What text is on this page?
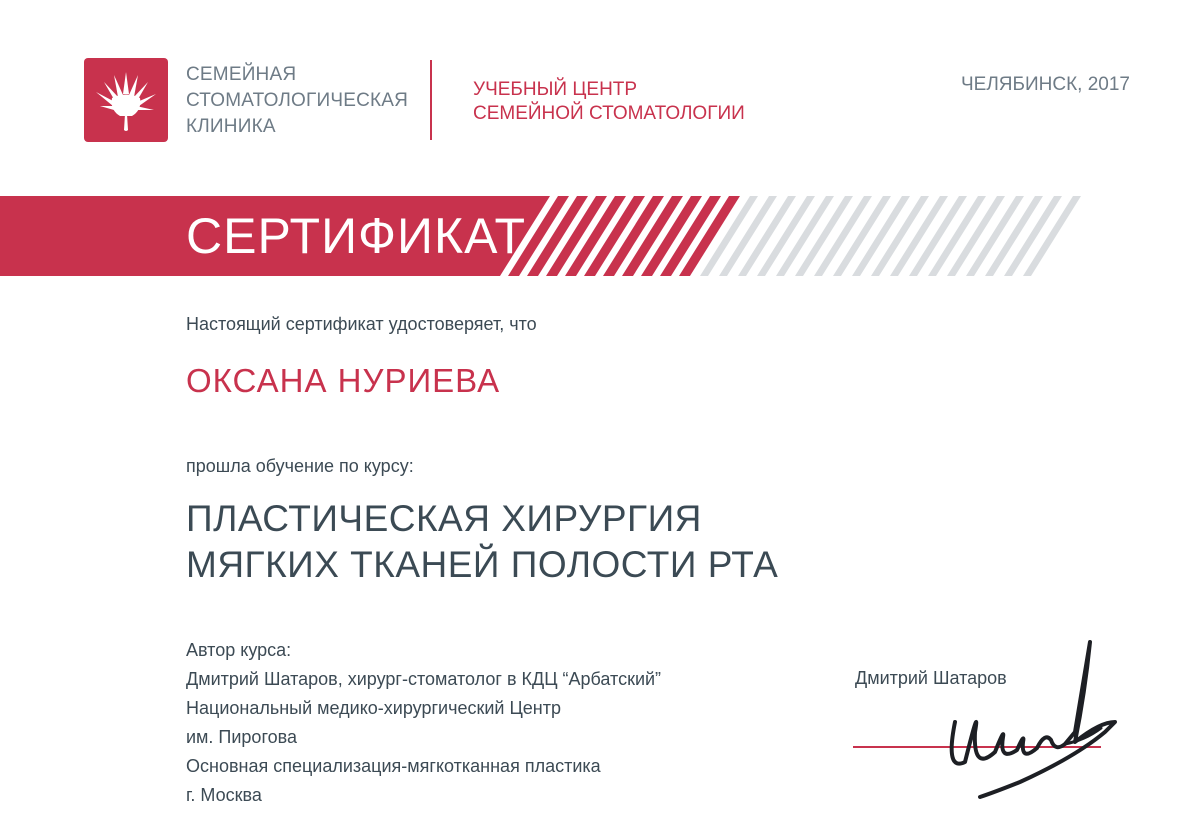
СЕМЕЙНАЯ
СТОМАТОЛОГИЧЕСКАЯ
КЛИНИКА
УЧЕБНЫЙ ЦЕНТР
СЕМЕЙНОЙ СТОМАТОЛОГИИ
ЧЕЛЯБИНСК, 2017
СЕРТИФИКАТ
Настоящий сертификат удостоверяет, что
ОКСАНА НУРИЕВА
прошла обучение по курсу:
ПЛАСТИЧЕСКАЯ ХИРУРГИЯ
МЯГКИХ ТКАНЕЙ ПОЛОСТИ РТА
Автор курса:
Дмитрий Шатаров, хирург-стоматолог в КДЦ “Арбатский”
Национальный медико-хирургический Центр
им. Пирогова
Основная специализация-мягкотканная пластика
г. Москва
Дмитрий Шатаров
